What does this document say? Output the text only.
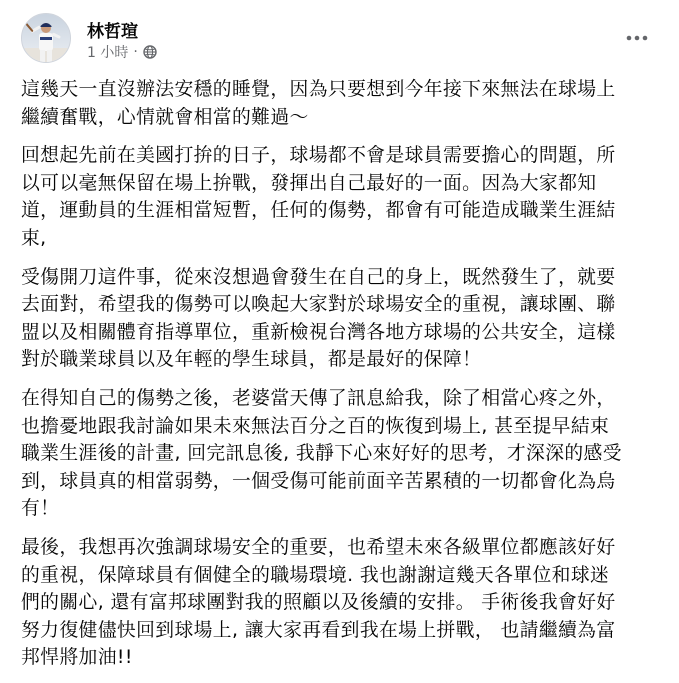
林哲瑄
1 小時 ·

這幾天一直沒辦法安穩的睡覺，因為只要想到今年接下來無法在球場上
繼續奮戰，心情就會相當的難過～

回想起先前在美國打拚的日子，球場都不會是球員需要擔心的問題，所
以可以毫無保留在場上拚戰，發揮出自己最好的一面。因為大家都知
道，運動員的生涯相當短暫，任何的傷勢，都會有可能造成職業生涯結
束,

受傷開刀這件事，從來沒想過會發生在自己的身上，既然發生了，就要
去面對，希望我的傷勢可以喚起大家對於球場安全的重視，讓球團、聯
盟以及相關體育指導單位，重新檢視台灣各地方球場的公共安全，這樣
對於職業球員以及年輕的學生球員，都是最好的保障！

在得知自己的傷勢之後，老婆當天傳了訊息給我，除了相當心疼之外，
也擔憂地跟我討論如果未來無法百分之百的恢復到場上, 甚至提早結束
職業生涯後的計畫, 回完訊息後, 我靜下心來好好的思考，才深深的感受
到，球員真的相當弱勢，一個受傷可能前面辛苦累積的一切都會化為烏
有！

最後，我想再次強調球場安全的重要，也希望未來各級單位都應該好好
的重視，保障球員有個健全的職場環境. 我也謝謝這幾天各單位和球迷
們的關心, 還有富邦球團對我的照顧以及後續的安排。 手術後我會好好
努力復健儘快回到球場上, 讓大家再看到我在場上拼戰， 也請繼續為富
邦悍將加油!!
